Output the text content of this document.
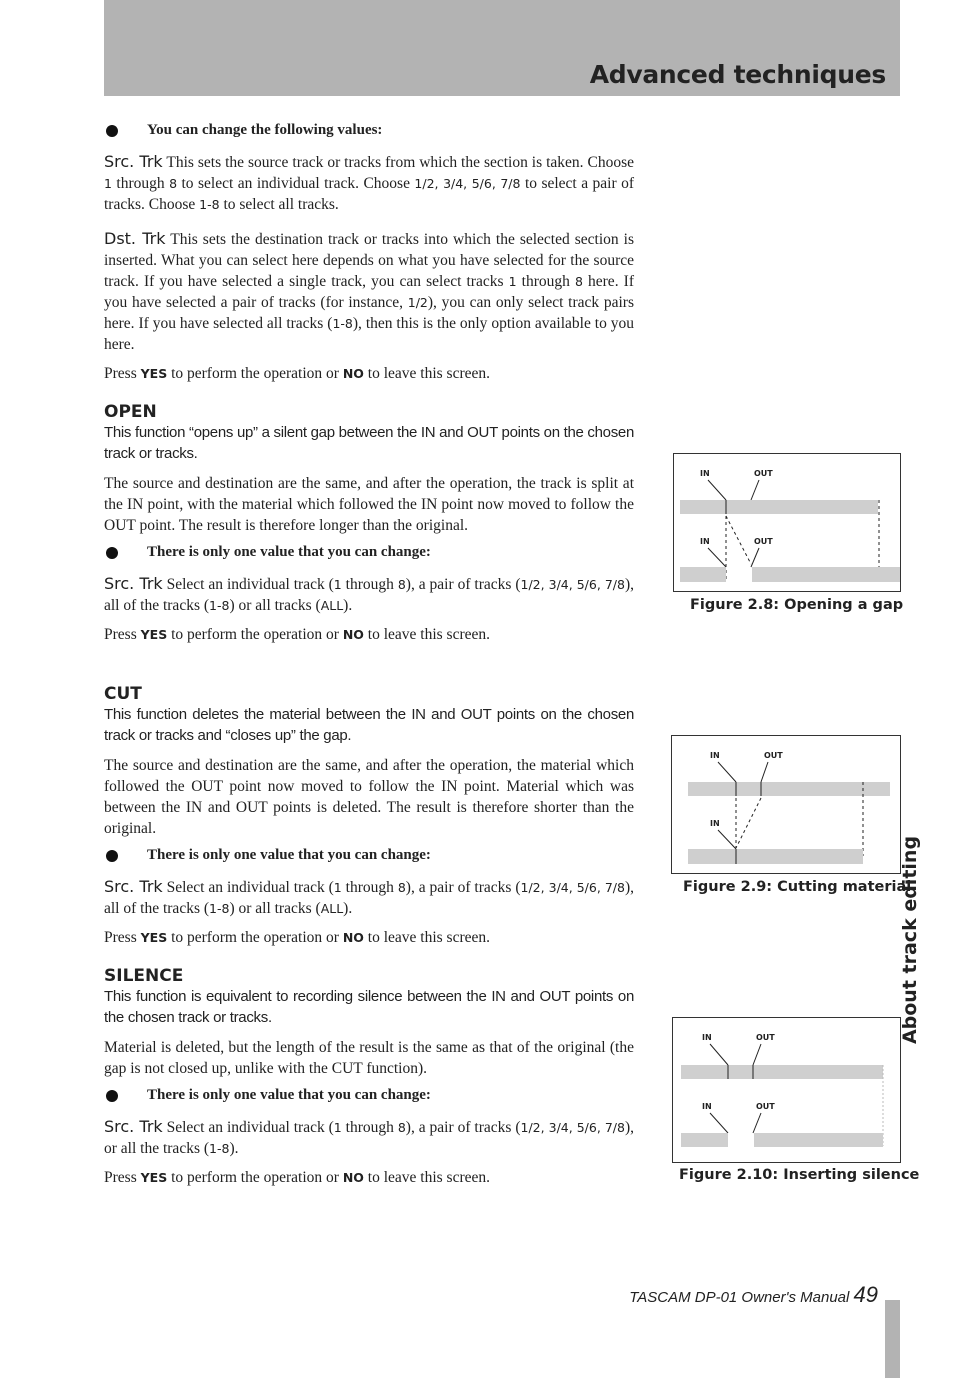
Advanced techniques
You can change the following values:

Src. Trk This sets the source track or tracks from which the section is taken. Choose 1 through 8 to select an individual track. Choose 1/2, 3/4, 5/6, 7/8 to select a pair of tracks. Choose 1-8 to select all tracks.

Dst. Trk This sets the destination track or tracks into which the selected section is inserted. What you can select here depends on what you have selected for the source track. If you have selected a single track, you can select tracks 1 through 8 here. If you have selected a pair of tracks (for instance, 1/2), you can only select track pairs here. If you have selected all tracks (1-8), then this is the only option available to you here.

Press YES to perform the operation or NO to leave this screen.

OPEN

This function “opens up” a silent gap between the IN and OUT points on the chosen track or tracks.

The source and destination are the same, and after the operation, the track is split at the IN point, with the material which followed the IN point now moved to follow the OUT point. The result is therefore longer than the original.

There is only one value that you can change:

Src. Trk Select an individual track (1 through 8), a pair of tracks (1/2, 3/4, 5/6, 7/8), all of the tracks (1-8) or all tracks (ALL).

Press YES to perform the operation or NO to leave this screen.

CUT

This function deletes the material between the IN and OUT points on the chosen track or tracks and “closes up” the gap.

The source and destination are the same, and after the operation, the material which followed the OUT point now moved to follow the IN point. Material which was between the IN and OUT points is deleted. The result is therefore shorter than the original.

There is only one value that you can change:

Src. Trk Select an individual track (1 through 8), a pair of tracks (1/2, 3/4, 5/6, 7/8), all of the tracks (1-8) or all tracks (ALL).

Press YES to perform the operation or NO to leave this screen.

SILENCE

This function is equivalent to recording silence between the IN and OUT points on the chosen track or tracks.

Material is deleted, but the length of the result is the same as that of the original (the gap is not closed up, unlike with the CUT function).

There is only one value that you can change:

Src. Trk Select an individual track (1 through 8), a pair of tracks (1/2, 3/4, 5/6, 7/8), or all the tracks (1-8).

Press YES to perform the operation or NO to leave this screen.

IN	OUT
IN	OUT
Figure 2.8: Opening a gap
IN	OUT
IN
Figure 2.9: Cutting material
IN	OUT
IN	OUT
Figure 2.10: Inserting silence
About track editing
TASCAM DP-01 Owner's Manual 49
